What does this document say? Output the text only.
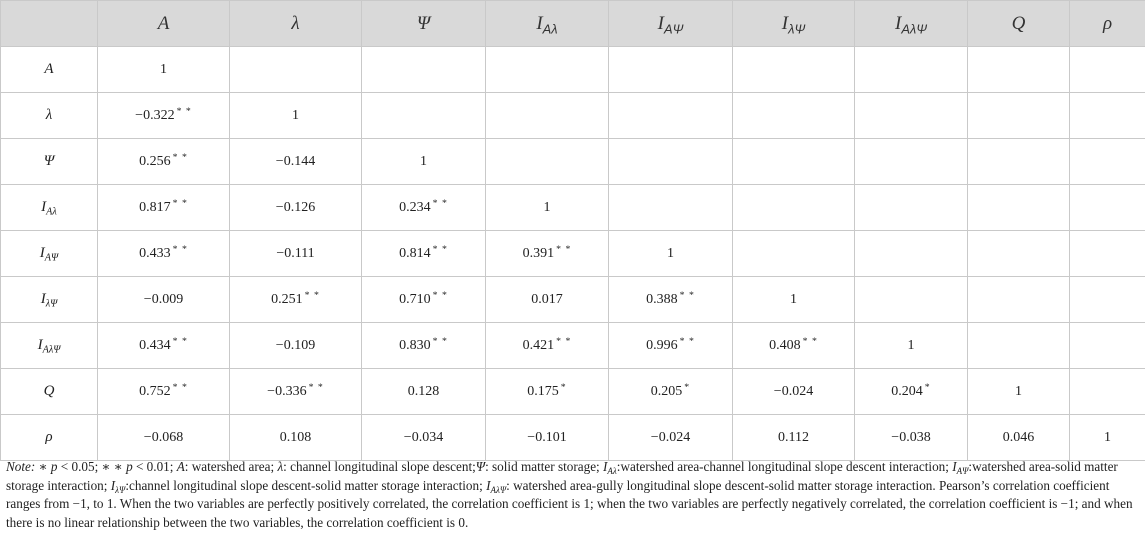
	A	λ	Ψ	$I_{A\lambda}$	$I_{A\Psi}$	$I_{\lambda\Psi}$	$I_{A\lambda\Psi}$	Q	ρ
A	1								
λ	−0.322 * *	1							
Ψ	0.256 * *	−0.144	1						
$I_{A\lambda}$	0.817 * *	−0.126	0.234 * *	1					
$I_{A\Psi}$	0.433 * *	−0.111	0.814 * *	0.391 * *	1				
$I_{\lambda\Psi}$	−0.009	0.251 * *	0.710 * *	0.017	0.388 * *	1			
$I_{A\lambda\Psi}$	0.434 * *	−0.109	0.830 * *	0.421 * *	0.996 * *	0.408 * *	1		
Q	0.752 * *	−0.336 * *	0.128	0.175 *	0.205 *	−0.024	0.204 *	1	
ρ	−0.068	0.108	−0.034	−0.101	−0.024	0.112	−0.038	0.046	1
Note: ∗ p < 0.05; ∗ ∗ p < 0.01; A: watershed area; λ: channel longitudinal slope descent;Ψ: solid matter storage; $I_{A\lambda}:watershed$ area-channel longitudinal slope descent interaction; $I_{A\Psi}:watershed$ area-solid matter storage interaction; $I_{\lambda\Psi}:channel$ longitudinal slope descent-solid matter storage interaction; $I_{A\lambda\Psi}$: watershed area-gully longitudinal slope descent-solid matter storage interaction. Pearson’s correlation coefficient ranges from −1, to 1. When the two variables are perfectly positively correlated, the correlation coefficient is 1; when the two variables are perfectly negatively correlated, the correlation coefficient is −1; and when there is no linear relationship between the two variables, the correlation coefficient is 0.
